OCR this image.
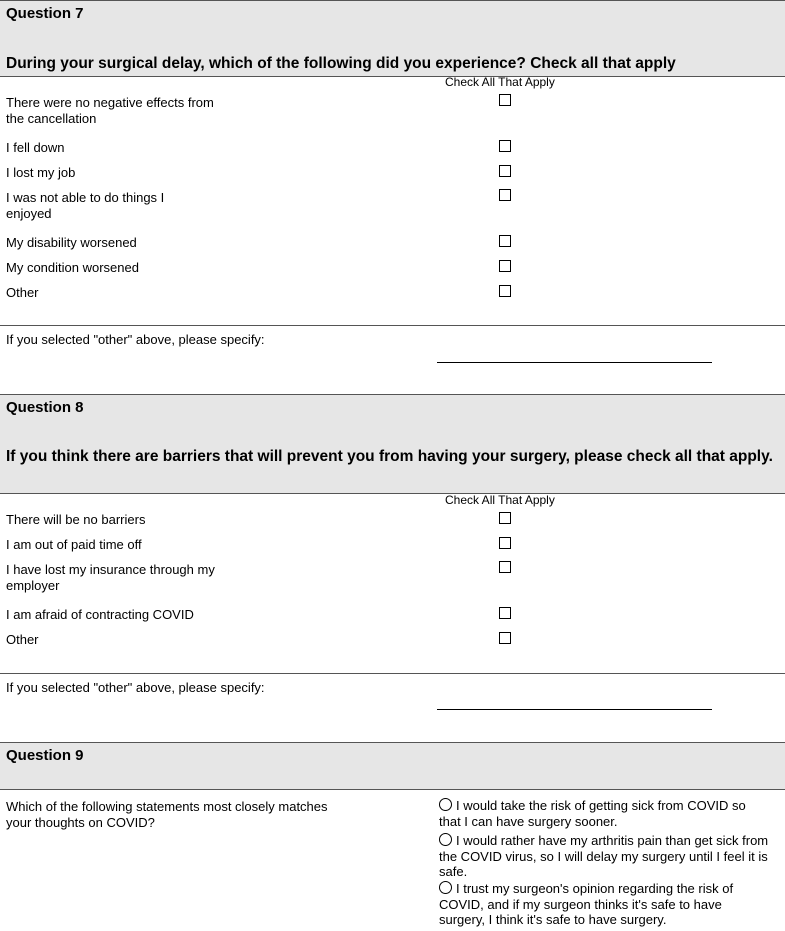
Question 7
During your surgical delay, which of the following did you experience? Check all that apply
Check All That Apply
There were no negative effects from the cancellation
I fell down
I lost my job
I was not able to do things I enjoyed
My disability worsened
My condition worsened
Other
If you selected "other" above, please specify:
Question 8
If you think there are barriers that will prevent you from having your surgery, please check all that apply.
Check All That Apply
There will be no barriers
I am out of paid time off
I have lost my insurance through my employer
I am afraid of contracting COVID
Other
If you selected "other" above, please specify:
Question 9
Which of the following statements most closely matches your thoughts on COVID?
I would take the risk of getting sick from COVID so that I can have surgery sooner.
I would rather have my arthritis pain than get sick from the COVID virus, so I will delay my surgery until I feel it is safe.
I trust my surgeon's opinion regarding the risk of COVID, and if my surgeon thinks it's safe to have surgery, I think it's safe to have surgery.
